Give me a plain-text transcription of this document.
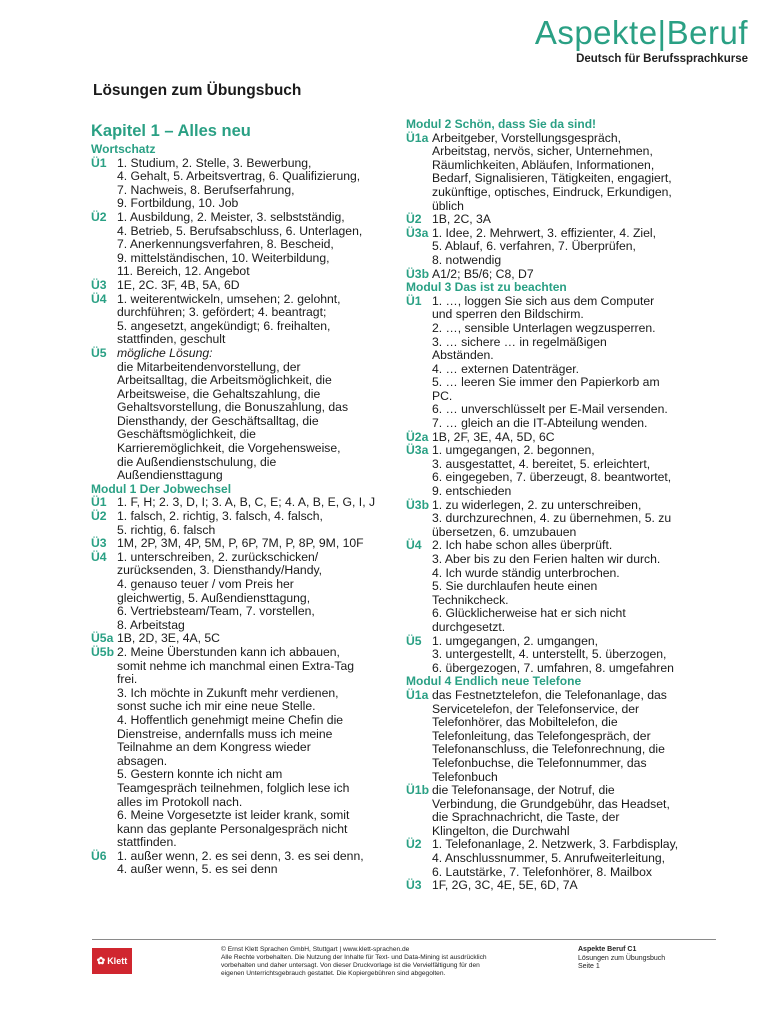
Aspekte|Beruf
Deutsch für Berufssprachkurse
Lösungen zum Übungsbuch
Kapitel 1 – Alles neu
Wortschatz
Ü1 1. Studium, 2. Stelle, 3. Bewerbung,
4. Gehalt, 5. Arbeitsvertrag, 6. Qualifizierung,
7. Nachweis, 8. Berufserfahrung,
9. Fortbildung, 10. Job
Ü2 1. Ausbildung, 2. Meister, 3. selbstständig,
4. Betrieb, 5. Berufsabschluss, 6. Unterlagen,
7. Anerkennungsverfahren, 8. Bescheid,
9. mittelständischen, 10. Weiterbildung,
11. Bereich, 12. Angebot
Ü3 1E, 2C. 3F, 4B, 5A, 6D
Ü4 1. weiterentwickeln, umsehen; 2. gelohnt,
durchführen; 3. gefördert; 4. beantragt;
5. angesetzt, angekündigt; 6. freihalten,
stattfinden, geschult
Ü5 mögliche Lösung:
die Mitarbeitendenvorstellung, der
Arbeitsalltag, die Arbeitsmöglichkeit, die
Arbeitsweise, die Gehaltszahlung, die
Gehaltsvorstellung, die Bonuszahlung, das
Diensthandy, der Geschäftsalltag, die
Geschäftsmöglichkeit, die
Karrieremöglichkeit, die Vorgehensweise,
die Außendienstschulung, die
Außendiensttagung
Modul 1 Der Jobwechsel
Ü1 1. F, H; 2. 3, D, I; 3. A, B, C, E; 4. A, B, E, G, I, J
Ü2 1. falsch, 2. richtig, 3. falsch, 4. falsch,
5. richtig, 6. falsch
Ü3 1M, 2P, 3M, 4P, 5M, P, 6P, 7M, P, 8P, 9M, 10F
Ü4 1. unterschreiben, 2. zurückschicken/
zurücksenden, 3. Diensthandy/Handy,
4. genauso teuer / vom Preis her
gleichwertig, 5. Außendiensttagung,
6. Vertriebsteam/Team, 7. vorstellen,
8. Arbeitstag
Ü5a 1B, 2D, 3E, 4A, 5C
Ü5b 2. Meine Überstunden kann ich abbauen,
somit nehme ich manchmal einen Extra-Tag
frei.
3. Ich möchte in Zukunft mehr verdienen,
sonst suche ich mir eine neue Stelle.
4. Hoffentlich genehmigt meine Chefin die
Dienstreise, andernfalls muss ich meine
Teilnahme an dem Kongress wieder
absagen.
5. Gestern konnte ich nicht am
Teamgespräch teilnehmen, folglich lese ich
alles im Protokoll nach.
6. Meine Vorgesetzte ist leider krank, somit
kann das geplante Personalgespräch nicht
stattfinden.
Ü6 1. außer wenn, 2. es sei denn, 3. es sei denn,
4. außer wenn, 5. es sei denn
Modul 2 Schön, dass Sie da sind!
Ü1a Arbeitgeber, Vorstellungsgespräch,
Arbeitstag, nervös, sicher, Unternehmen,
Räumlichkeiten, Abläufen, Informationen,
Bedarf, Signalisieren, Tätigkeiten, engagiert,
zukünftige, optisches, Eindruck, Erkundigen,
üblich
Ü2 1B, 2C, 3A
Ü3a 1. Idee, 2. Mehrwert, 3. effizienter, 4. Ziel,
5. Ablauf, 6. verfahren, 7. Überprüfen,
8. notwendig
Ü3b A1/2; B5/6; C8, D7
Modul 3 Das ist zu beachten
Ü1 1. …, loggen Sie sich aus dem Computer
und sperren den Bildschirm.
2. …, sensible Unterlagen wegzusperren.
3. … sichere … in regelmäßigen
Abständen.
4. … externen Datenträger.
5. … leeren Sie immer den Papierkorb am
PC.
6. … unverschlüsselt per E-Mail versenden.
7. … gleich an die IT-Abteilung wenden.
Ü2a 1B, 2F, 3E, 4A, 5D, 6C
Ü3a 1. umgegangen, 2. begonnen,
3. ausgestattet, 4. bereitet, 5. erleichtert,
6. eingegeben, 7. überzeugt, 8. beantwortet,
9. entschieden
Ü3b 1. zu widerlegen, 2. zu unterschreiben,
3. durchzurechnen, 4. zu übernehmen, 5. zu
übersetzen, 6. umzubauen
Ü4 2. Ich habe schon alles überprüft.
3. Aber bis zu den Ferien halten wir durch.
4. Ich wurde ständig unterbrochen.
5. Sie durchlaufen heute einen
Technikcheck.
6. Glücklicherweise hat er sich nicht
durchgesetzt.
Ü5 1. umgegangen, 2. umgangen,
3. untergestellt, 4. unterstellt, 5. überzogen,
6. übergezogen, 7. umfahren, 8. umgefahren
Modul 4 Endlich neue Telefone
Ü1a das Festnetztelefon, die Telefonanlage, das
Servicetelefon, der Telefonservice, der
Telefonhörer, das Mobiltelefon, die
Telefonleitung, das Telefongespräch, der
Telefonanschluss, die Telefonrechnung, die
Telefonbuchse, die Telefonnummer, das
Telefonbuch
Ü1b die Telefonansage, der Notruf, die
Verbindung, die Grundgebühr, das Headset,
die Sprachnachricht, die Taste, der
Klingelton, die Durchwahl
Ü2 1. Telefonanlage, 2. Netzwerk, 3. Farbdisplay,
4. Anschlussnummer, 5. Anrufweiterleitung,
6. Lautstärke, 7. Telefonhörer, 8. Mailbox
Ü3 1F, 2G, 3C, 4E, 5E, 6D, 7A
✿ Klett
© Ernst Klett Sprachen GmbH, Stuttgart | www.klett-sprachen.de
Alle Rechte vorbehalten. Die Nutzung der Inhalte für Text- und Data-Mining ist ausdrücklich
vorbehalten und daher untersagt. Von dieser Druckvorlage ist die Vervielfältigung für den
eigenen Unterrichtsgebrauch gestattet. Die Kopiergebühren sind abgegolten.
Aspekte Beruf C1
Lösungen zum Übungsbuch
Seite 1
